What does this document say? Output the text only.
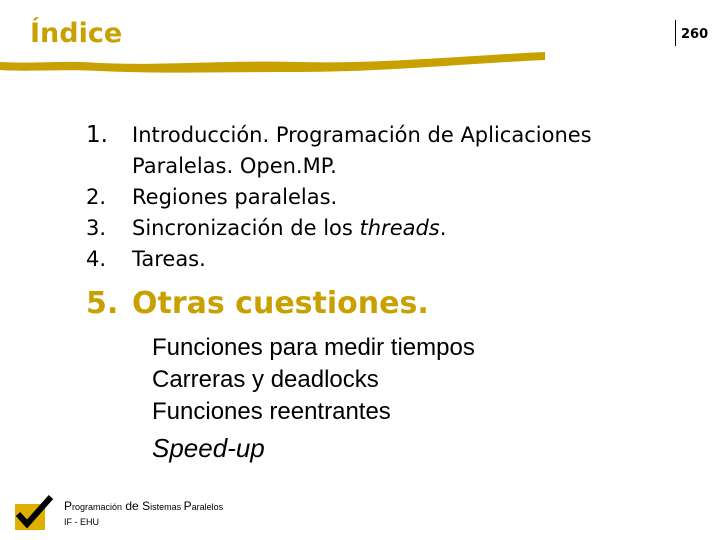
Índice	260
1.	Introducción. Programación de Aplicaciones
Paralelas. Open.MP.
2.	Regiones paralelas.
3.	Sincronización de los threads.
4.	Tareas.
5. Otras cuestiones.
Funciones para medir tiempos
Carreras y deadlocks
Funciones reentrantes
Speed-up
Programación de Sistemas Paralelos
IF - EHU
